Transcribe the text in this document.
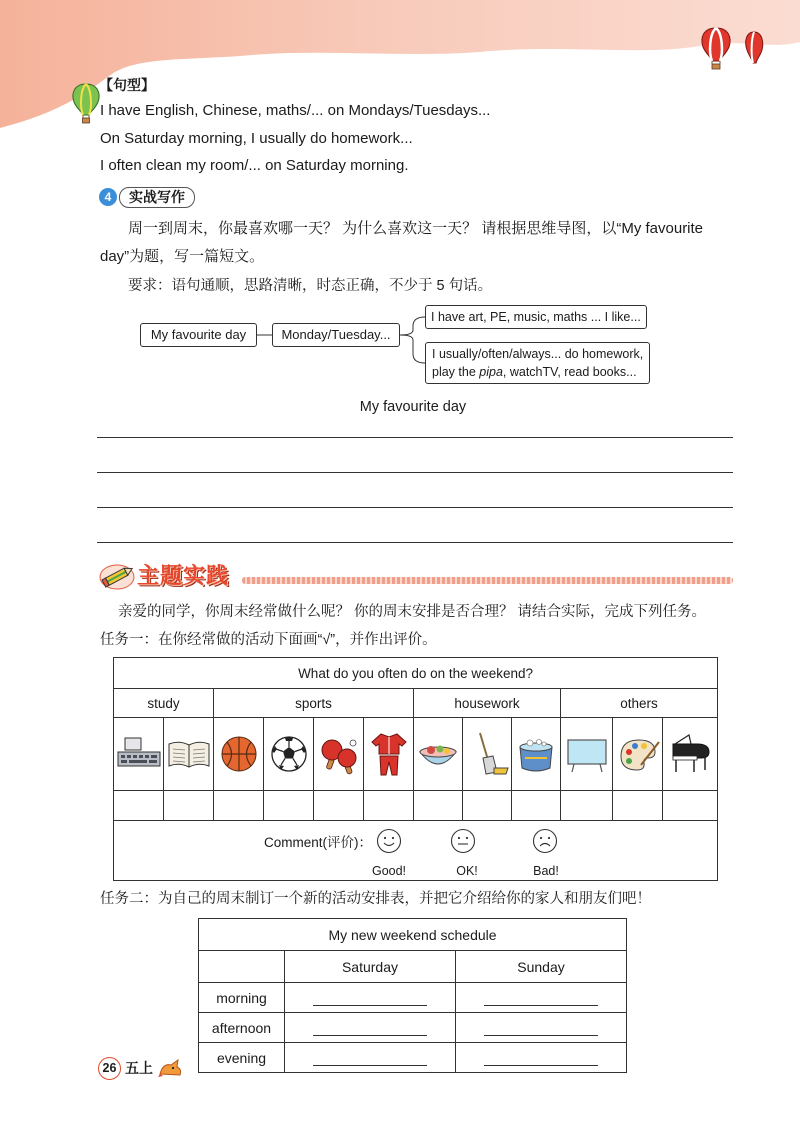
【句型】
I have English, Chinese, maths/... on Mondays/Tuesdays...
On Saturday morning, I usually do homework...
I often clean my room/... on Saturday morning.
4	实战写作
周一到周末，你最喜欢哪一天？ 为什么喜欢这一天？ 请根据思维导图，以“My favourite
day”为题，写一篇短文。
要求：语句通顺，思路清晰，时态正确，不少于 5 句话。
My favourite day	Monday/Tuesday...
I have art, PE, music, maths ... I like...
I usually/often/always... do homework,
play the pipa, watchTV, read books...
My favourite day
主题实践
亲爱的同学，你周末经常做什么呢？ 你的周末安排是否合理？ 请结合实际，完成下列任务。
任务一：在你经常做的活动下面画“√”，并作出评价。
What do you often do on the weekend?											
study		sports				housework			others		

Comment(评价)：
Good! OK! Bad!											
任务二：为自己的周末制订一个新的活动安排表，并把它介绍给你的家人和朋友们吧！
My new weekend schedule		
	Saturday	Sunday
morning		
afternoon		
evening		
26 五上
